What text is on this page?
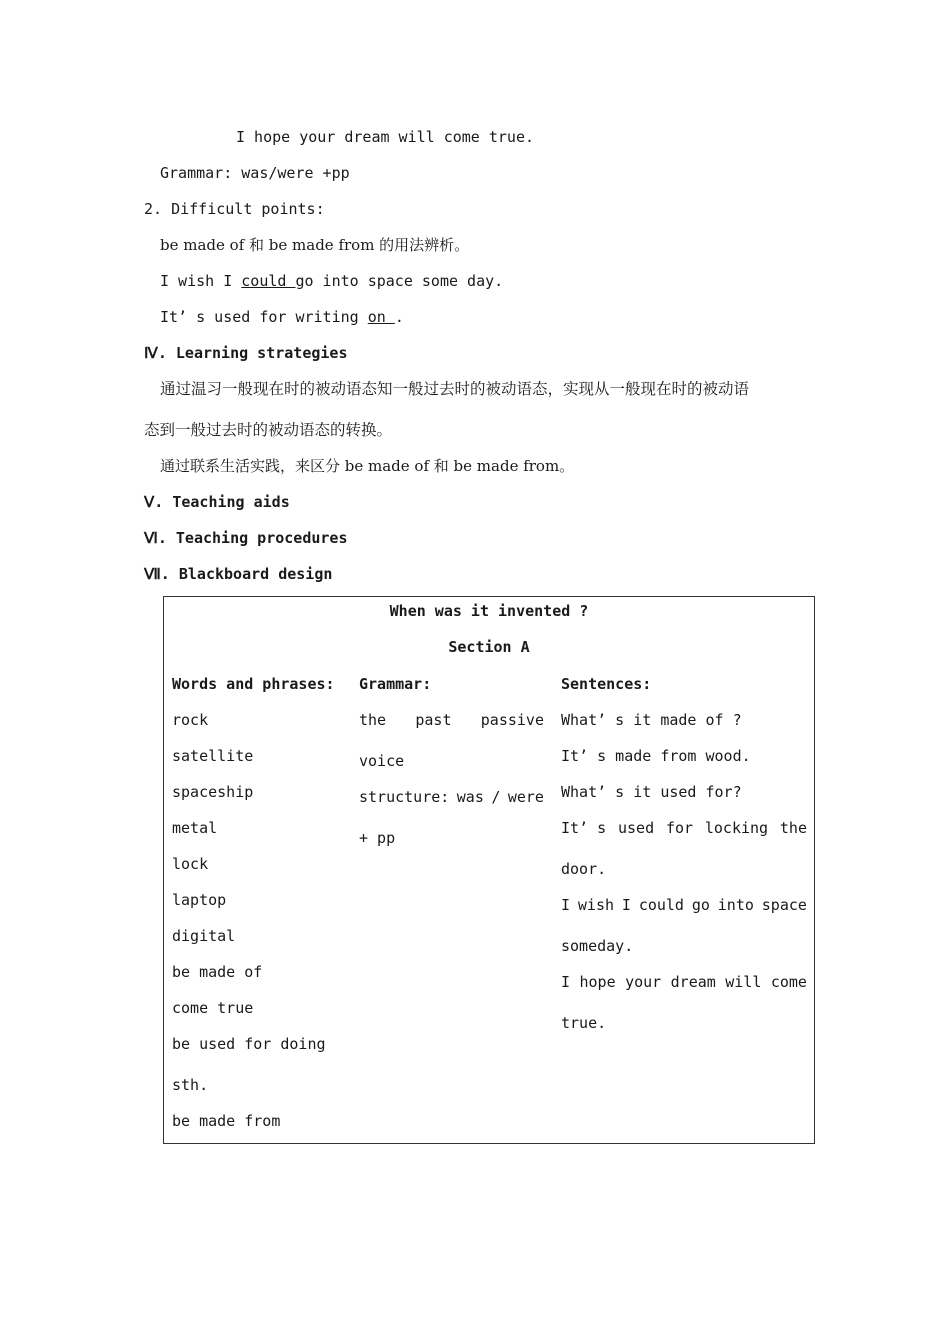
I hope your dream will come true.
Grammar: was/were +pp
2. Difficult points:
be made of 和 be made from 的用法辨析。
I wish I could go into space some day.
It’ s used for writing on .
Ⅳ. Learning strategies
通过温习一般现在时的被动语态知一般过去时的被动语态，实现从一般现在时的被动语
态到一般过去时的被动语态的转换。
通过联系生活实践，来区分 be made of 和 be made from。
Ⅴ. Teaching aids
Ⅵ. Teaching procedures
Ⅶ. Blackboard design
When was it invented ?
Section A
Words and phrases:
rock
satellite
spaceship
metal
lock
laptop
digital
be made of
come true
be used for doing
sth.
be made from
Grammar:
the past passive
voice
structure: was / were
+ pp
Sentences:
What’ s it made of ?
It’ s made from wood.
What’ s it used for?
It’ s used for locking the
door.
I wish I could go into space
someday.
I hope your dream will come
true.
